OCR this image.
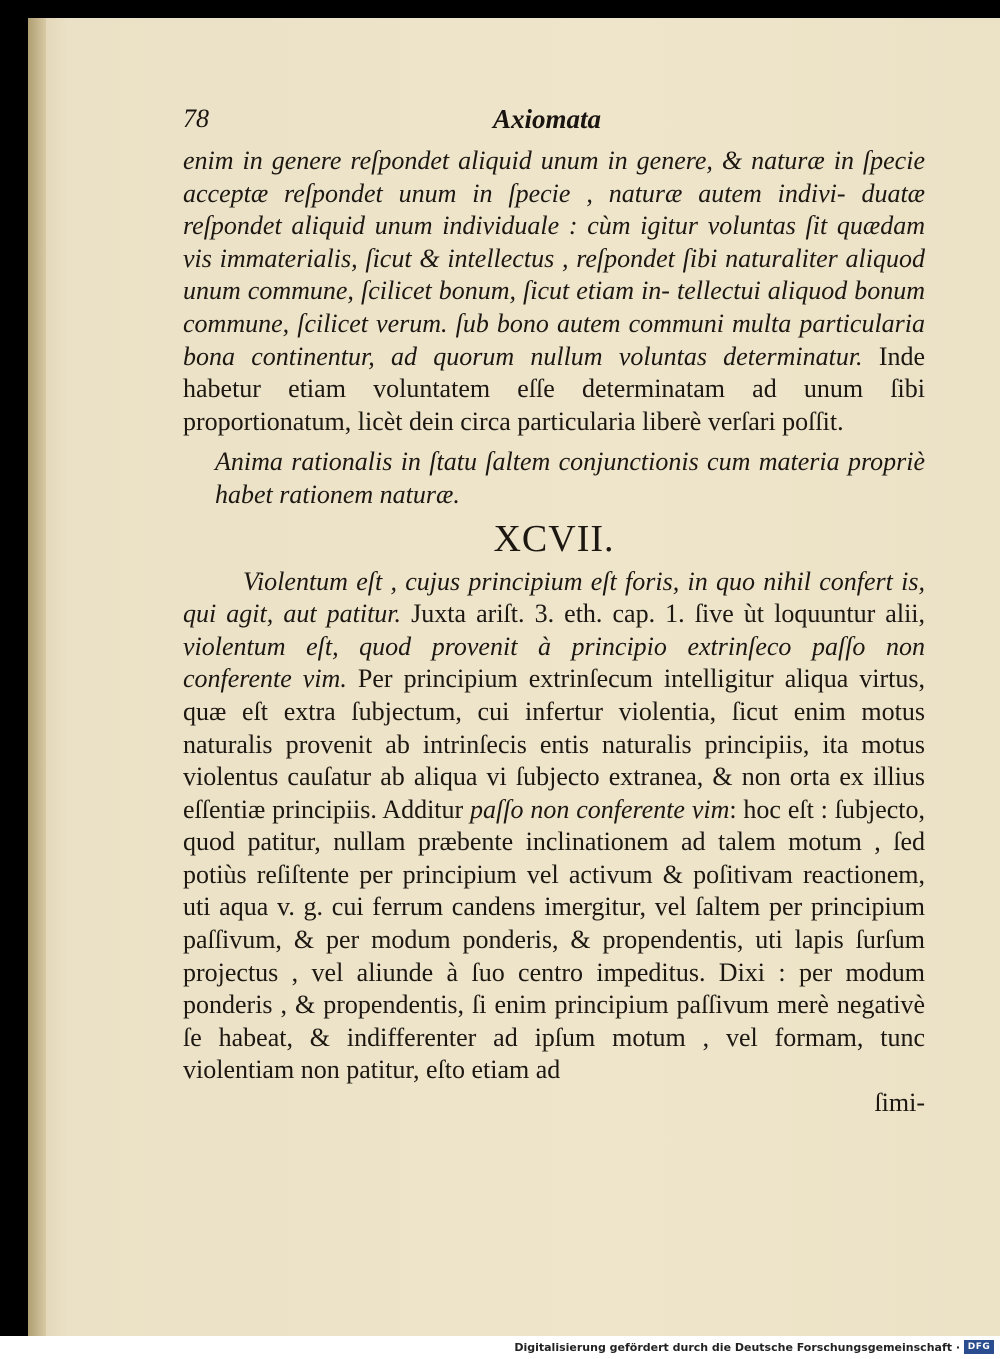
78	Axiomata

enim in genere reſpondet aliquid unum in genere, & naturæ in ſpecie acceptæ reſpondet unum in ſpecie , naturæ autem indivi- duatæ reſpondet aliquid unum individuale : cùm igitur voluntas ſit quædam vis immaterialis, ſicut & intellectus , reſpondet ſibi naturaliter aliquod unum commune, ſcilicet bonum, ſicut etiam in- tellectui aliquod bonum commune, ſcilicet verum. ſub bono autem communi multa particularia bona continentur, ad quorum nullum voluntas determinatur. Inde habetur etiam voluntatem eſſe determinatam ad unum ſibi proportionatum, licèt dein circa particularia liberè verſari poſſit.

Anima rationalis in ſtatu ſaltem conjunctionis cum materia propriè habet rationem naturæ.

XCVII.

Violentum eſt , cujus principium eſt foris, in quo nihil confert is, qui agit, aut patitur. Juxta ariſt. 3. eth. cap. 1. ſive ùt loquuntur alii, violentum eſt, quod provenit à principio extrinſeco paſſo non conferente vim. Per principium extrinſecum intelligitur aliqua virtus, quæ eſt extra ſubjectum, cui infertur violentia, ſicut enim motus naturalis provenit ab intrinſecis entis naturalis principiis, ita motus violentus cauſatur ab aliqua vi ſubjecto extranea, & non orta ex illius eſſentiæ principiis. Additur paſſo non conferente vim: hoc eſt : ſubjecto, quod patitur, nullam præbente inclinationem ad talem motum , ſed potiùs reſiſtente per principium vel activum & poſitivam reactionem, uti aqua v. g. cui ferrum candens imergitur, vel ſaltem per principium paſſivum, & per modum ponderis, & propendentis, uti lapis ſurſum projectus , vel aliunde à ſuo centro impeditus. Dixi : per modum ponderis , & propendentis, ſi enim principium paſſivum merè negativè ſe habeat, & indifferenter ad ipſum motum , vel formam, tunc violentiam non patitur, eſto etiam ad

ſimi-

Digitalisierung gefördert durch die Deutsche Forschungsgemeinschaft · DFG
